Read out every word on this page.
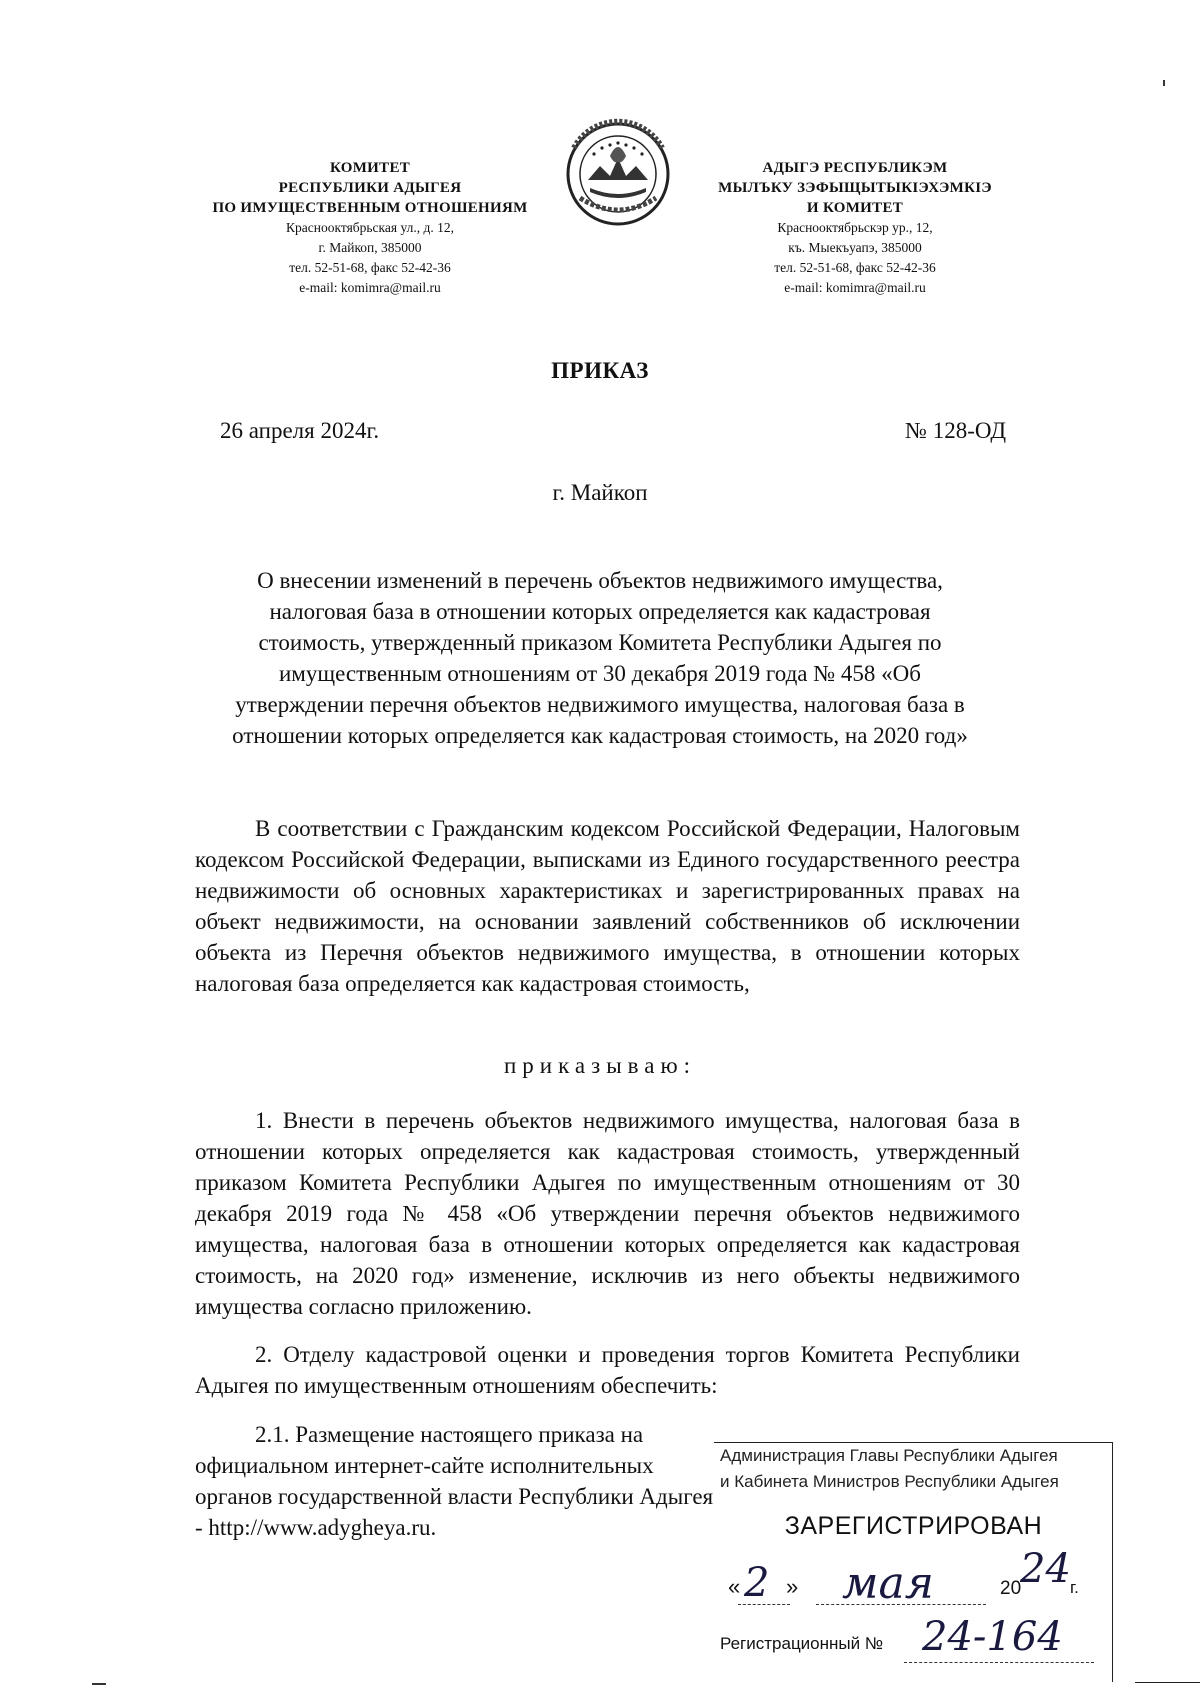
КОМИТЕТ
РЕСПУБЛИКИ АДЫГЕЯ
ПО ИМУЩЕСТВЕННЫМ ОТНОШЕНИЯМ
Краснооктябрьская ул., д. 12,
г. Майкоп, 385000
тел. 52-51-68, факс 52-42-36
e-mail: komimra@mail.ru
АДЫГЭ РЕСПУБЛИКЭМ
МЫЛЪКУ ЗЭФЫЩЫТЫКIЭХЭМКIЭ
И КОМИТЕТ
Краснооктябрьскэр ур., 12,
къ. Мыекъуапэ, 385000
тел. 52-51-68, факс 52-42-36
e-mail: komimra@mail.ru
ПРИКАЗ
26 апреля 2024г.	№ 128-ОД
г. Майкоп
О внесении изменений в перечень объектов недвижимого имущества,
налоговая база в отношении которых определяется как кадастровая
стоимость, утвержденный приказом Комитета Республики Адыгея по
имущественным отношениям от 30 декабря 2019 года № 458 «Об
утверждении перечня объектов недвижимого имущества, налоговая база в
отношении которых определяется как кадастровая стоимость, на 2020 год»

В соответствии с Гражданским кодексом Российской Федерации, Налоговым кодексом Российской Федерации, выписками из Единого государственного реестра недвижимости об основных характеристиках и зарегистрированных правах на объект недвижимости, на основании заявлений собственников об исключении объекта из Перечня объектов недвижимого имущества, в отношении которых налоговая база определяется как кадастровая стоимость,

приказываю:

1. Внести в перечень объектов недвижимого имущества, налоговая база в отношении которых определяется как кадастровая стоимость, утвержденный приказом Комитета Республики Адыгея по имущественным отношениям от 30 декабря 2019 года № 458 «Об утверждении перечня объектов недвижимого имущества, налоговая база в отношении которых определяется как кадастровая стоимость, на 2020 год» изменение, исключив из него объекты недвижимого имущества согласно приложению.

2. Отделу кадастровой оценки и проведения торгов Комитета Республики Адыгея по имущественным отношениям обеспечить:

2.1. Размещение настоящего приказа на официальном интернет-сайте исполнительных органов государственной власти Республики Адыгея - http://www.adygheya.ru.

Администрация Главы Республики Адыгея
и Кабинета Министров Республики Адыгея
ЗАРЕГИСТРИРОВАН
« 2 » мая	20
24 г.
Регистрационный № 24-164
